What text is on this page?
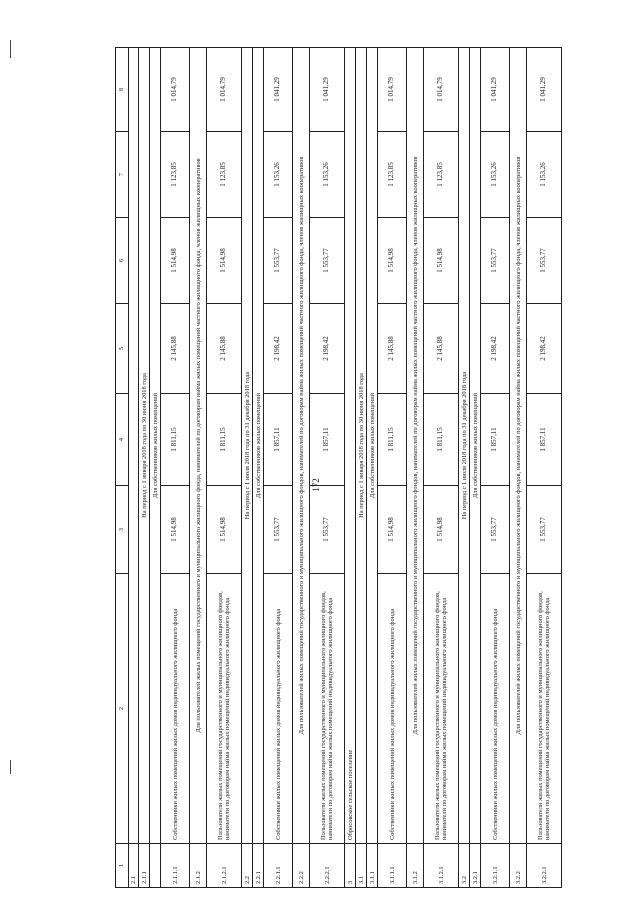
172
1	2	3	4	5	6	7	8
2.1							
2.1.1	На период с 1 января 2018 года по 30 июня 2018 года						
	Для собственников жилых помещений						
2.1.1.1	Собственники жилых помещений жилых домов индивидуального жилищного фонда	1 514,98	1 811,15	2 145,88	1 514,98	1 123,85	1 014,79
2.1.2	Для пользователей жилых помещений государственного и муниципального жилищного фонда, нанимателей по договорам найма жилых помещений частного жилищного фонда, членов жилищных кооперативов						
2.1.2.1	Пользователи жилых помещений государственного и муниципального жилищного фондов, наниматели по договорам найма жилых помещений индивидуального жилищного фонда	1 514,98	1 811,15	2 145,88	1 514,98	1 123,85	1 014,79
2.2	На период с 1 июля 2018 года по 31 декабря 2018 года						
2.2.1	Для собственников жилых помещений						
2.2.1.1	Собственники жилых помещений жилых домов индивидуального жилищного фонда	1 553,77	1 857,11	2 198,42	1 553,77	1 153,26	1 041,29
2.2.2	Для пользователей жилых помещений государственного и муниципального жилищного фондов, нанимателей по договорам найма жилых помещений частного жилищного фонда, членов жилищных кооперативов						
2.2.2.1	Пользователи жилых помещений государственного и муниципального жилищного фондов, наниматели по договорам найма жилых помещений индивидуального жилищного фонда	1 553,77	1 857,11	2 198,42	1 553,77	1 153,26	1 041,29
3	Обросовское сельское поселение						
3.1	На период с 1 января 2018 года по 30 июня 2018 года						
3.1.1	Для собственников жилых помещений						
3.1.1.1	Собственники жилых помещений жилых домов индивидуального жилищного фонда	1 514,98	1 811,15	2 145,88	1 514,98	1 123,85	1 014,79
3.1.2	Для пользователей жилых помещений государственного и муниципального жилищного фондов, нанимателей по договорам найма жилых помещений частного жилищного фонда, членов жилищных кооперативов						
3.1.2.1	Пользователи жилых помещений государственного и муниципального жилищного фондов, наниматели по договорам найма жилых помещений индивидуального жилищного фонда	1 514,98	1 811,15	2 145,88	1 514,98	1 123,85	1 014,79
3.2	На период с 1 июля 2018 года по 31 декабря 2018 года						
3.2.1	Для собственников жилых помещений						
3.2.1.1	Собственники жилых помещений жилых домов индивидуального жилищного фонда	1 553,77	1 857,11	2 198,42	1 553,77	1 153,26	1 041,29
3.2.2	Для пользователей жилых помещений государственного и муниципального жилищного фондов, нанимателей по договорам найма жилых помещений частного жилищного фонда, членов жилищных кооперативов						
3.2.2.1	Пользователи жилых помещений государственного и муниципального жилищного фондов, наниматели по договорам найма жилых помещений индивидуального жилищного фонда	1 553,77	1 857,11	2 198,42	1 553,77	1 153,26	1 041,29
